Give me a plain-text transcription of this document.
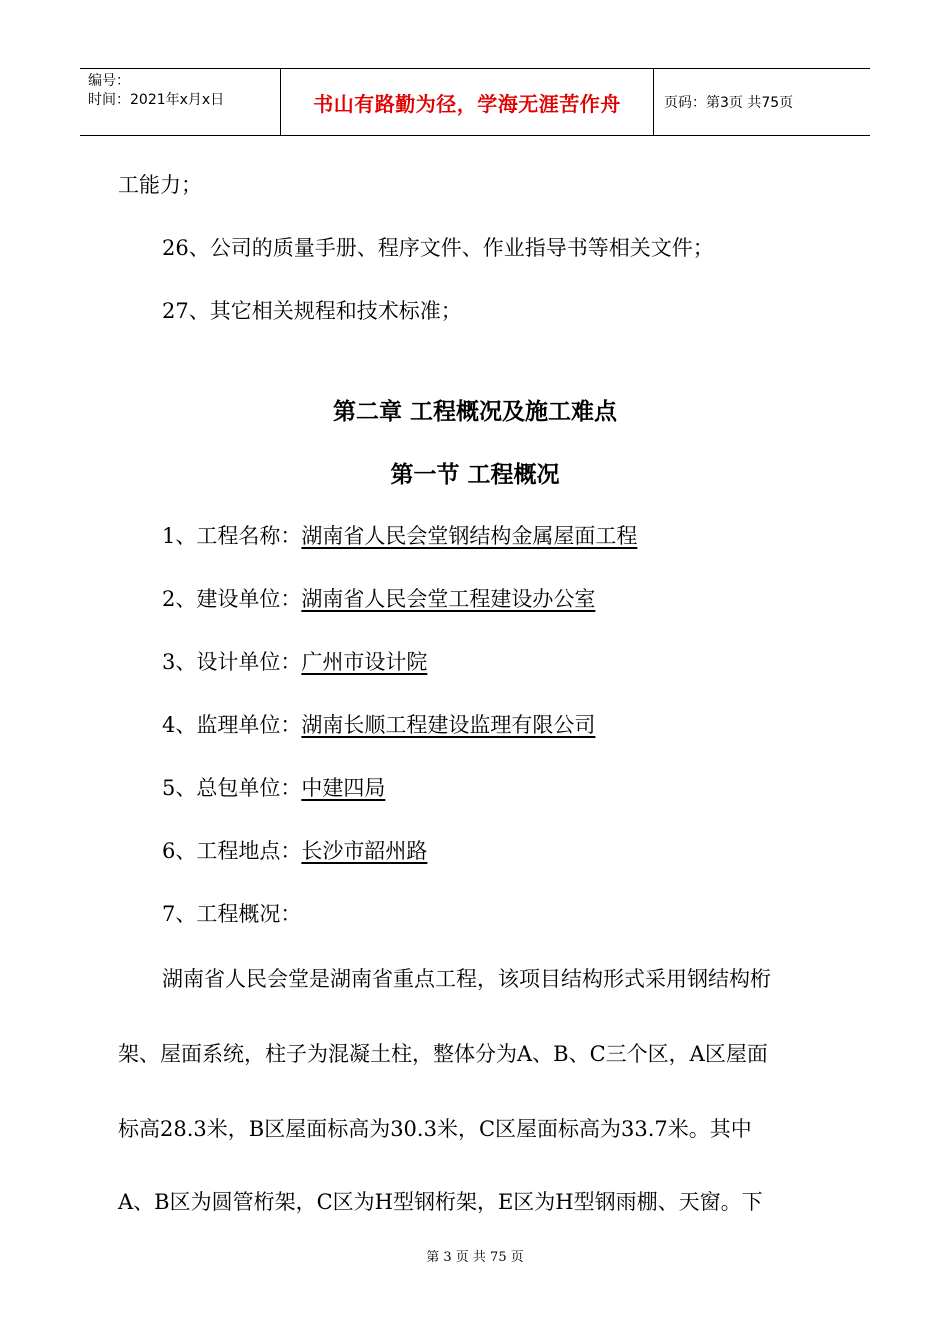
编号：
时间：2021年x月x日	书山有路勤为径，学海无涯苦作舟	页码：第3页 共75页
工能力；
26、公司的质量手册、程序文件、作业指导书等相关文件；
27、其它相关规程和技术标准；
第二章 工程概况及施工难点
第一节 工程概况
1、工程名称：湖南省人民会堂钢结构金属屋面工程
2、建设单位：湖南省人民会堂工程建设办公室
3、设计单位：广州市设计院
4、监理单位：湖南长顺工程建设监理有限公司
5、总包单位：中建四局
6、工程地点：长沙市韶州路
7、工程概况：
湖南省人民会堂是湖南省重点工程，该项目结构形式采用钢结构桁
架、屋面系统，柱子为混凝土柱，整体分为A、B、C三个区，A区屋面
标高28.3米，B区屋面标高为30.3米，C区屋面标高为33.7米。其中
A、B区为圆管桁架，C区为H型钢桁架，E区为H型钢雨棚、天窗。下
第 3 页 共 75 页
